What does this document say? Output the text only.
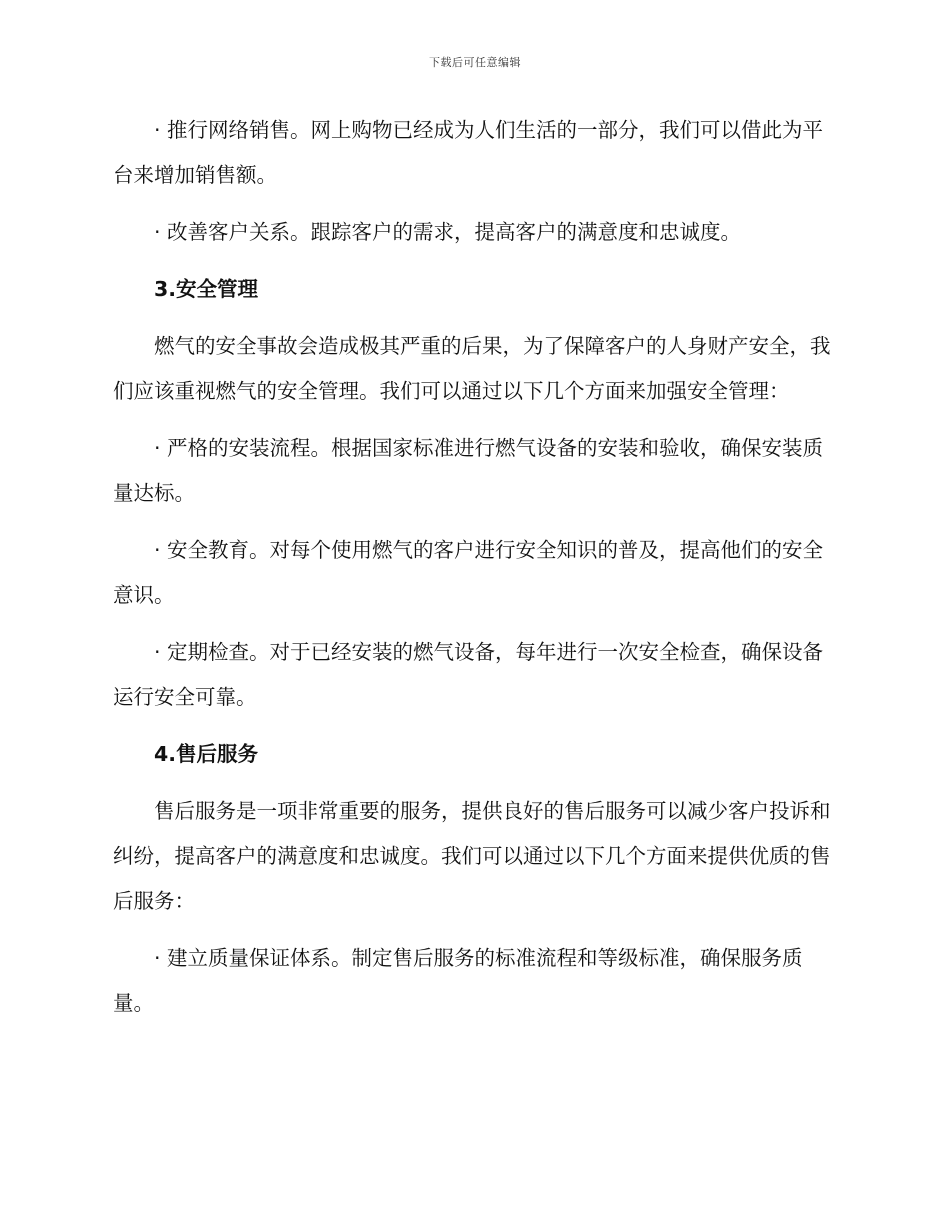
下载后可任意编辑

· 推行网络销售。网上购物已经成为人们生活的一部分，我们可以借此为平台来增加销售额。

· 改善客户关系。跟踪客户的需求，提高客户的满意度和忠诚度。

3.安全管理

燃气的安全事故会造成极其严重的后果，为了保障客户的人身财产安全，我们应该重视燃气的安全管理。我们可以通过以下几个方面来加强安全管理：

· 严格的安装流程。根据国家标准进行燃气设备的安装和验收，确保安装质量达标。

· 安全教育。对每个使用燃气的客户进行安全知识的普及，提高他们的安全意识。

· 定期检查。对于已经安装的燃气设备，每年进行一次安全检查，确保设备运行安全可靠。

4.售后服务

售后服务是一项非常重要的服务，提供良好的售后服务可以减少客户投诉和纠纷，提高客户的满意度和忠诚度。我们可以通过以下几个方面来提供优质的售后服务：

· 建立质量保证体系。制定售后服务的标准流程和等级标准，确保服务质量。
